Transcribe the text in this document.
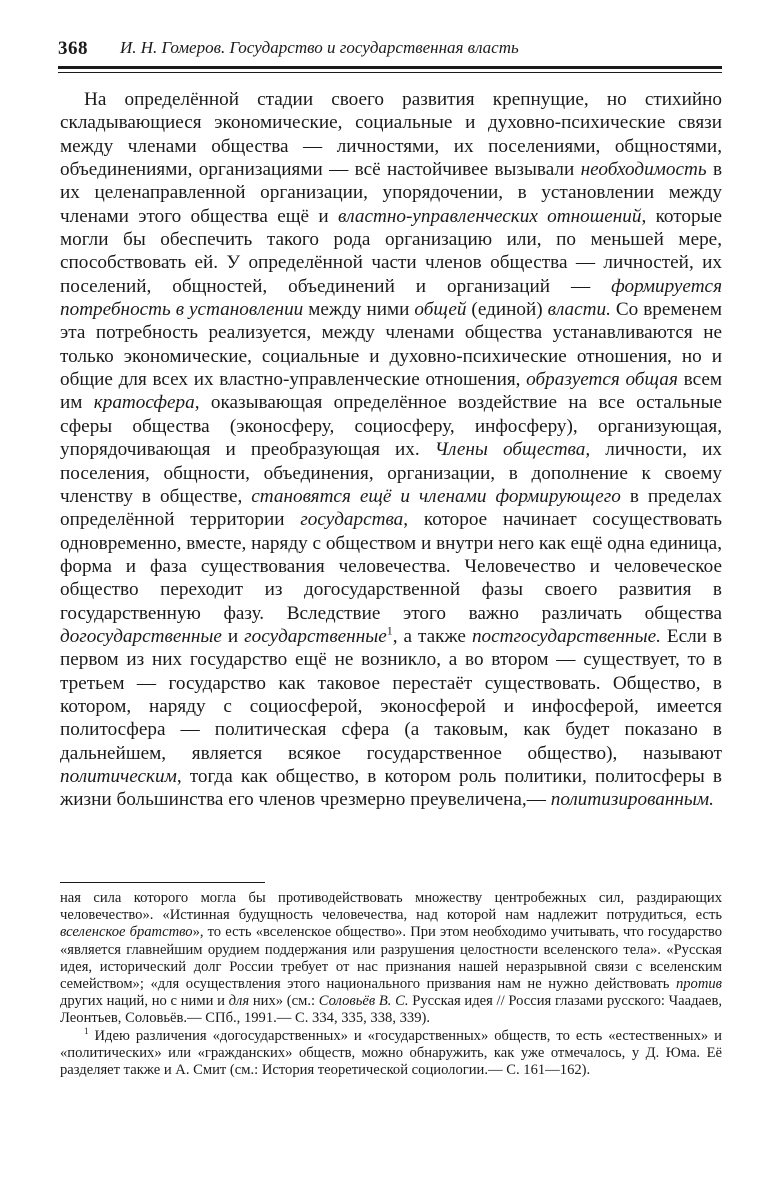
368 И. Н. Гомеров. Государство и государственная власть

На определённой стадии своего развития крепнущие, но стихийно складывающиеся экономические, социальные и духовно-психические связи между членами общества — личностями, их поселениями, общностями, объединениями, организациями — всё настойчивее вызывали необходимость в их целенаправленной организации, упорядочении, в установлении между членами этого общества ещё и властно-управленческих отношений, которые могли бы обеспечить такого рода организацию или, по меньшей мере, способствовать ей. У определённой части членов общества — личностей, их поселений, общностей, объединений и организаций — формируется потребность в установлении между ними общей (единой) власти. Со временем эта потребность реализуется, между членами общества устанавливаются не только экономические, социальные и духовно-психические отношения, но и общие для всех их властно-управленческие отношения, образуется общая всем им кратосфера, оказывающая определённое воздействие на все остальные сферы общества (эконосферу, социосферу, инфосферу), организующая, упорядочивающая и преобразующая их. Члены общества, личности, их поселения, общности, объединения, организации, в дополнение к своему членству в обществе, становятся ещё и членами формирующего в пределах определённой территории государства, которое начинает сосуществовать одновременно, вместе, наряду с обществом и внутри него как ещё одна единица, форма и фаза существования человечества. Человечество и человеческое общество переходит из догосударственной фазы своего развития в государственную фазу. Вследствие этого важно различать общества догосударственные и государственные$^1$, а также постгосударственные. Если в первом из них государство ещё не возникло, а во втором — существует, то в третьем — государство как таковое перестаёт существовать. Общество, в котором, наряду с социосферой, эконосферой и инфосферой, имеется политосфера — политическая сфера (а таковым, как будет показано в дальнейшем, является всякое государственное общество), называют политическим, тогда как общество, в котором роль политики, политосферы в жизни большинства его членов чрезмерно преувеличена,— политизированным.

ная сила которого могла бы противодействовать множеству центробежных сил, раздирающих человечество». «Истинная будущность человечества, над которой нам надлежит потрудиться, есть вселенское братство», то есть «вселенское общество». При этом необходимо учитывать, что государство «является главнейшим орудием поддержания или разрушения целостности вселенского тела». «Русская идея, исторический долг России требует от нас признания нашей неразрывной связи с вселенским семейством»; «для осуществления этого национального призвания нам не нужно действовать против других наций, но с ними и для них» (см.: Соловьёв В. С. Русская идея // Россия глазами русского: Чаадаев, Леонтьев, Соловьёв.— СПб., 1991.— С. 334, 335, 338, 339).

$^1$ Идею различения «догосударственных» и «государственных» обществ, то есть «естественных» и «политических» или «гражданских» обществ, можно обнаружить, как уже отмечалось, у Д. Юма. Её разделяет также и А. Смит (см.: История теоретической социологии.— С. 161—162).
